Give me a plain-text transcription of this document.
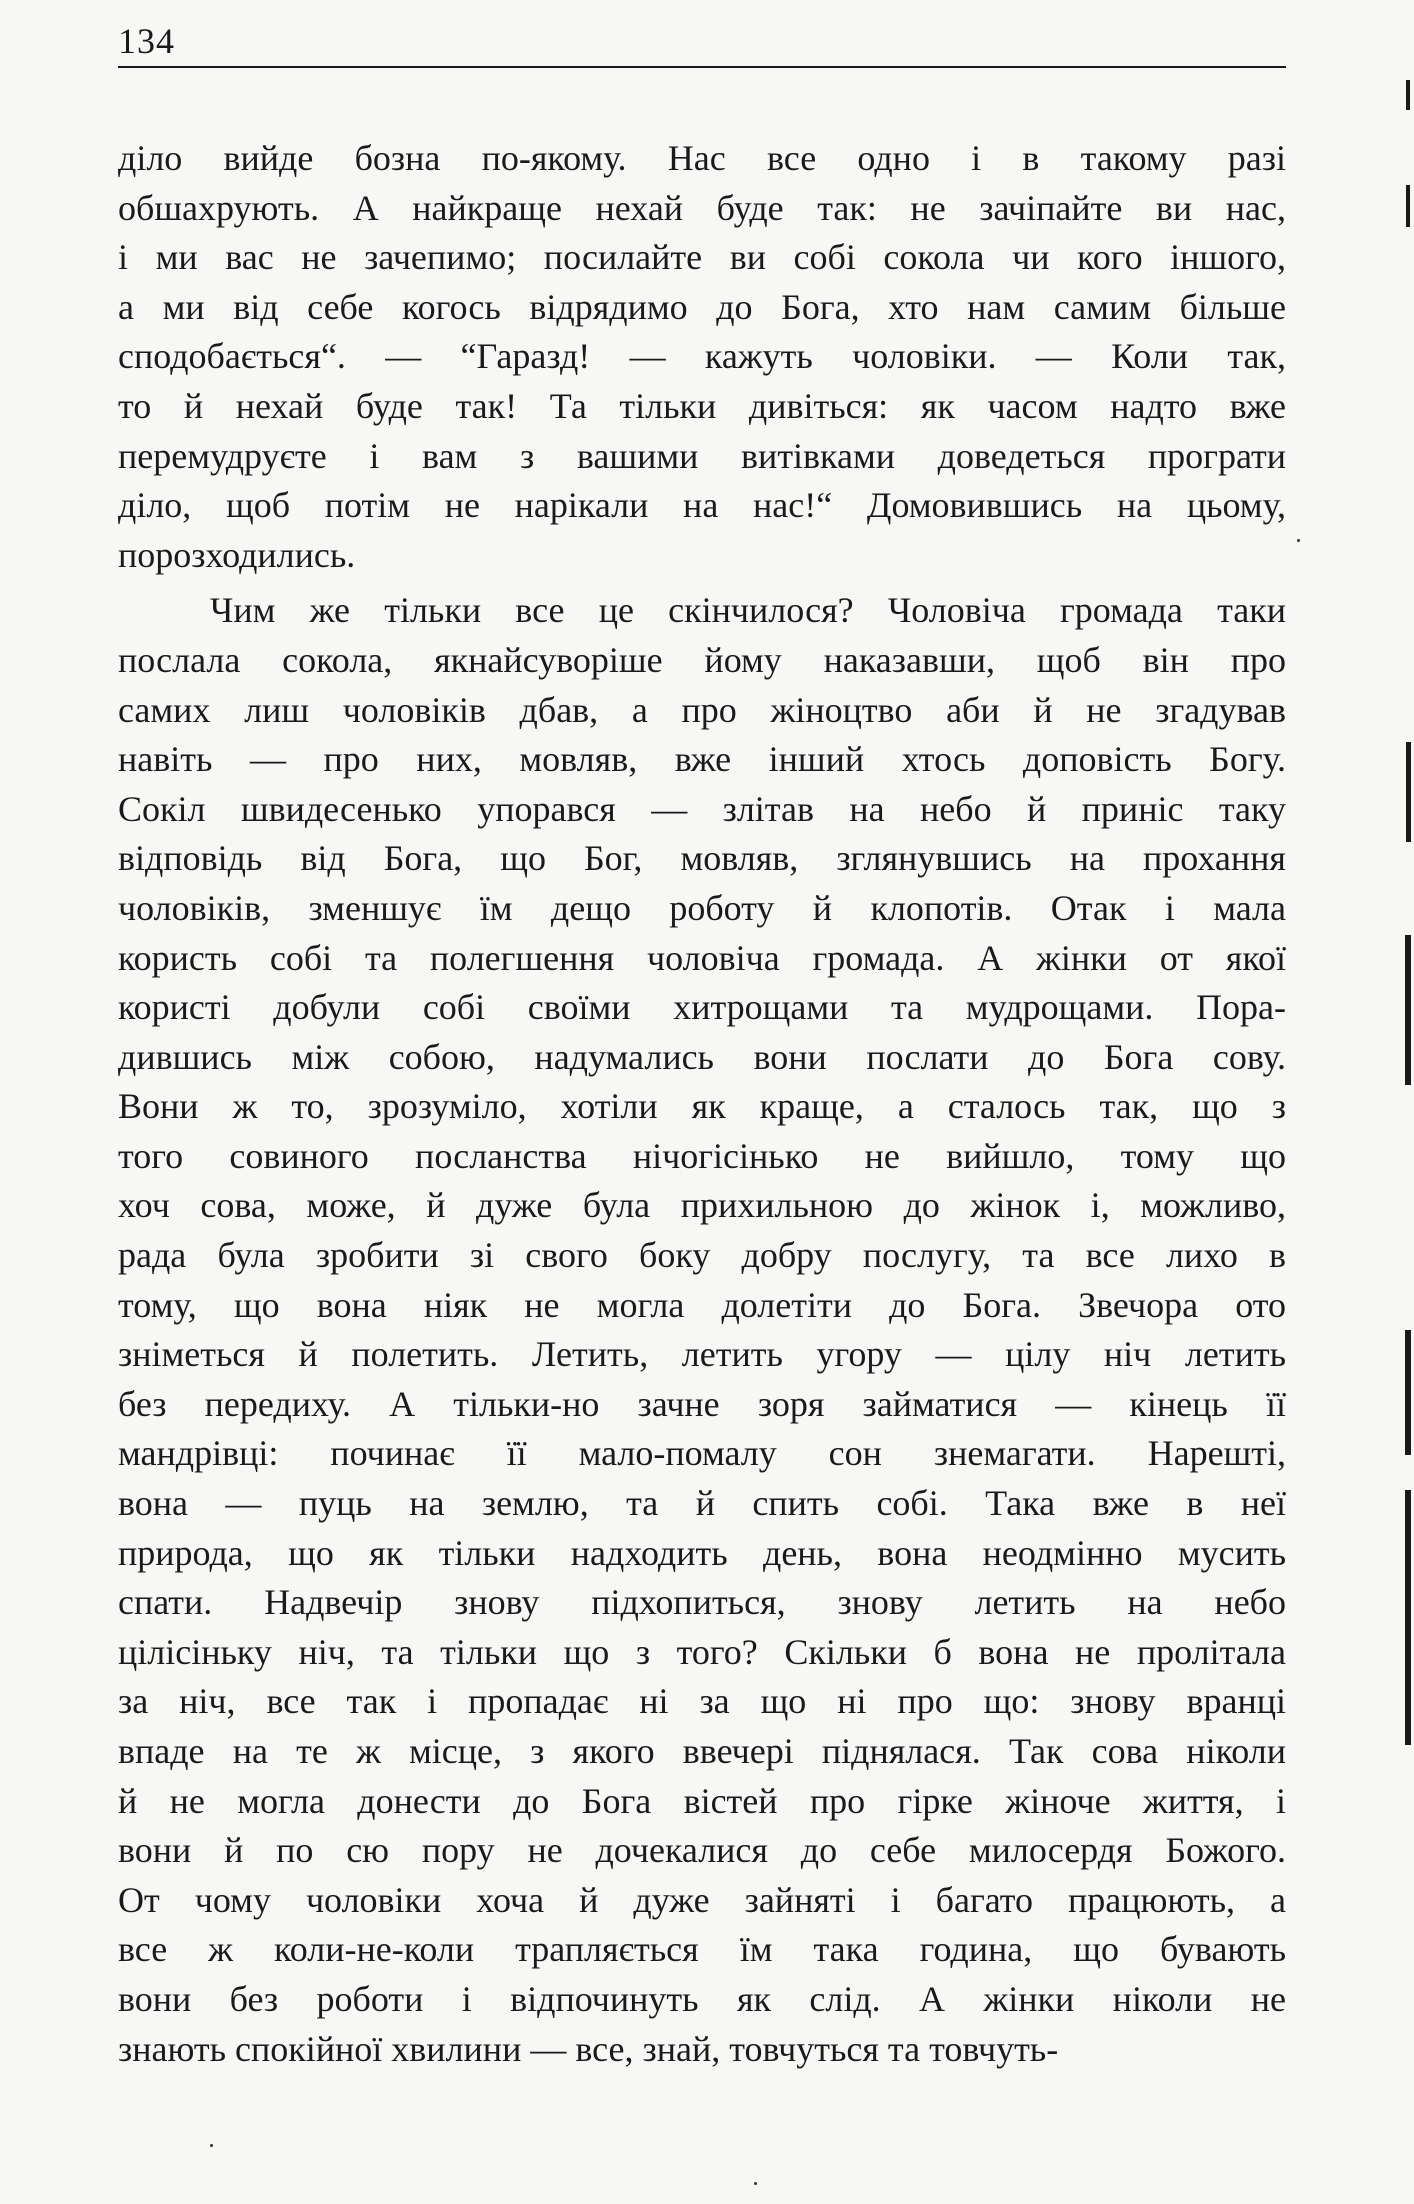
134
діло вийде бозна по-якому. Нас все одно і в такому разі
обшахрують. А найкраще нехай буде так: не зачіпайте ви нас,
і ми вас не зачепимо; посилайте ви собі сокола чи кого іншого,
а ми від себе когось відрядимо до Бога, хто нам самим більше
сподобається“. — “Гаразд! — кажуть чоловіки. — Коли так,
то й нехай буде так! Та тільки дивіться: як часом надто вже
перемудруєте і вам з вашими витівками доведеться програти
діло, щоб потім не нарікали на нас!“ Домовившись на цьому,
порозходились.
Чим же тільки все це скінчилося? Чоловіча громада таки
послала сокола, якнайсуворіше йому наказавши, щоб він про
самих лиш чоловіків дбав, а про жіноцтво аби й не згадував
навіть — про них, мовляв, вже інший хтось доповість Богу.
Сокіл швидесенько упорався — злітав на небо й приніс таку
відповідь від Бога, що Бог, мовляв, зглянувшись на прохання
чоловіків, зменшує їм дещо роботу й клопотів. Отак і мала
користь собі та полегшення чоловіча громада. А жінки от якої
користі добули собі своїми хитрощами та мудрощами. Пора-
дившись між собою, надумались вони послати до Бога сову.
Вони ж то, зрозуміло, хотіли як краще, а сталось так, що з
того совиного посланства нічогісінько не вийшло, тому що
хоч сова, може, й дуже була прихильною до жінок і, можливо,
рада була зробити зі свого боку добру послугу, та все лихо в
тому, що вона ніяк не могла долетіти до Бога. Звечора ото
зніметься й полетить. Летить, летить угору — цілу ніч летить
без передиху. А тільки-но зачне зоря займатися — кінець її
мандрівці: починає її мало-помалу сон знемагати. Нарешті,
вона — пуць на землю, та й спить собі. Така вже в неї
природа, що як тільки надходить день, вона неодмінно мусить
спати. Надвечір знову підхопиться, знову летить на небо
цілісіньку ніч, та тільки що з того? Скільки б вона не пролітала
за ніч, все так і пропадає ні за що ні про що: знову вранці
впаде на те ж місце, з якого ввечері піднялася. Так сова ніколи
й не могла донести до Бога вістей про гірке жіноче життя, і
вони й по сю пору не дочекалися до себе милосердя Божого.
От чому чоловіки хоча й дуже зайняті і багато працюють, а
все ж коли-не-коли трапляється їм така година, що бувають
вони без роботи і відпочинуть як слід. А жінки ніколи не
знають спокійної хвилини — все, знай, товчуться та товчуть-
